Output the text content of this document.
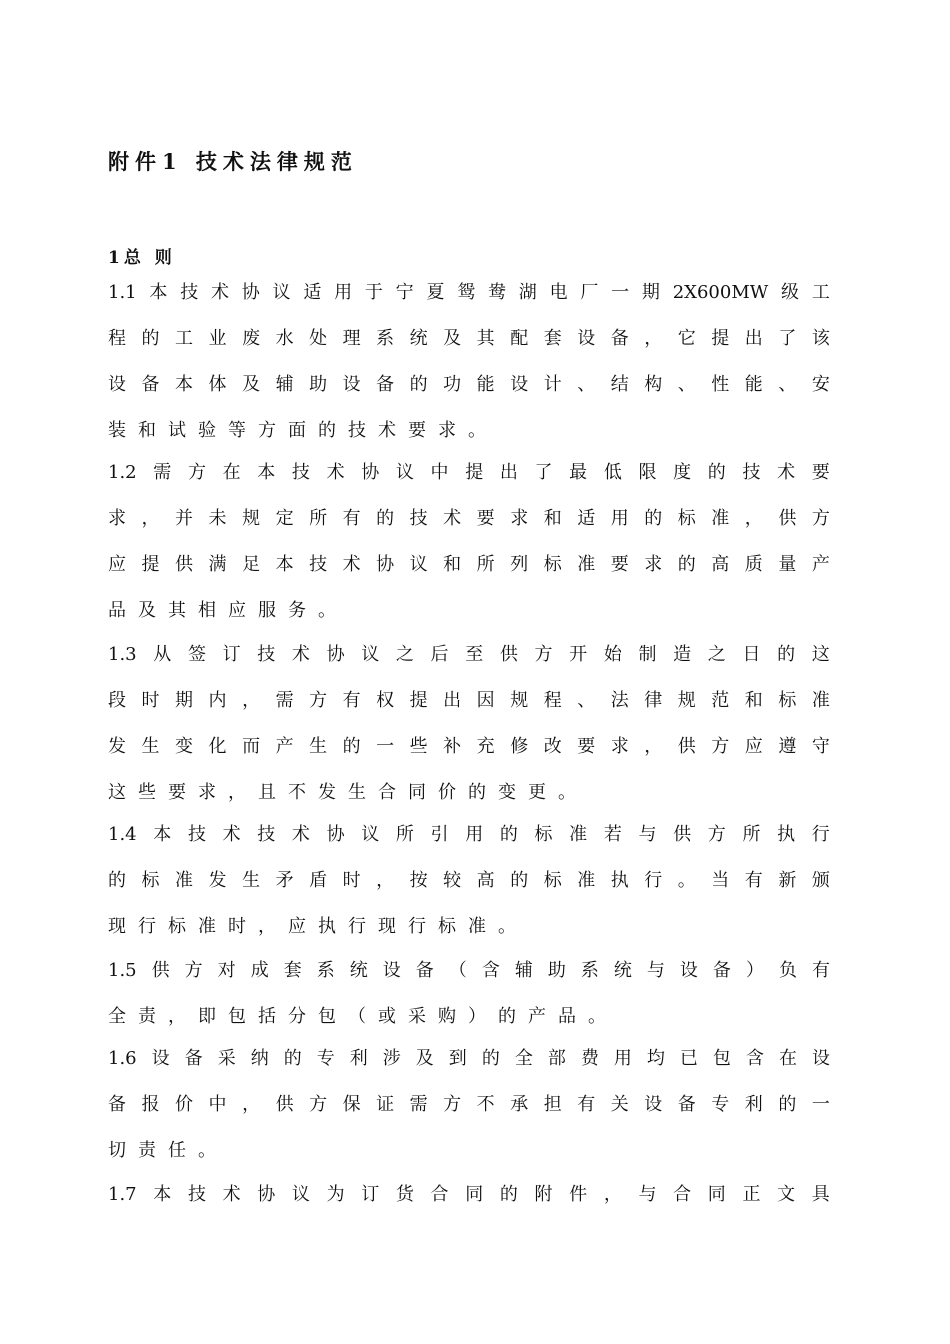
附件1 技术法律规范
1总 则
1.1 本 技 术 协 议 适 用 于 宁 夏 鸳 鸯 湖 电 厂 一 期 2X600MW 级 工
程 的 工 业 废 水 处 理 系 统 及 其 配 套 设 备 ， 它 提 出 了 该
设 备 本 体 及 辅 助 设 备 的 功 能 设 计 、 结 构 、 性 能 、 安
装 和 试 验 等 方 面 的 技 术 要 求 。
1.2 需 方 在 本 技 术 协 议 中 提 出 了 最 低 限 度 的 技 术 要
求 ， 并 未 规 定 所 有 的 技 术 要 求 和 适 用 的 标 准 ， 供 方
应 提 供 满 足 本 技 术 协 议 和 所 列 标 准 要 求 的 高 质 量 产
品 及 其 相 应 服 务 。
1.3 从 签 订 技 术 协 议 之 后 至 供 方 开 始 制 造 之 日 的 这
段 时 期 内 ， 需 方 有 权 提 出 因 规 程 、 法 律 规 范 和 标 准
发 生 变 化 而 产 生 的 一 些 补 充 修 改 要 求 ， 供 方 应 遵 守
这 些 要 求 ， 且 不 发 生 合 同 价 的 变 更 。
1.4 本 技 术 技 术 协 议 所 引 用 的 标 准 若 与 供 方 所 执 行
的 标 准 发 生 矛 盾 时 ， 按 较 高 的 标 准 执 行 。 当 有 新 颁
现 行 标 准 时 ， 应 执 行 现 行 标 准 。
1.5 供 方 对 成 套 系 统 设 备 （ 含 辅 助 系 统 与 设 备 ） 负 有
全 责 ， 即 包 括 分 包 （ 或 采 购 ） 的 产 品 。
1.6 设 备 采 纳 的 专 利 涉 及 到 的 全 部 费 用 均 已 包 含 在 设
备 报 价 中 ， 供 方 保 证 需 方 不 承 担 有 关 设 备 专 利 的 一
切 责 任 。
1.7 本 技 术 协 议 为 订 货 合 同 的 附 件 ， 与 合 同 正 文 具
